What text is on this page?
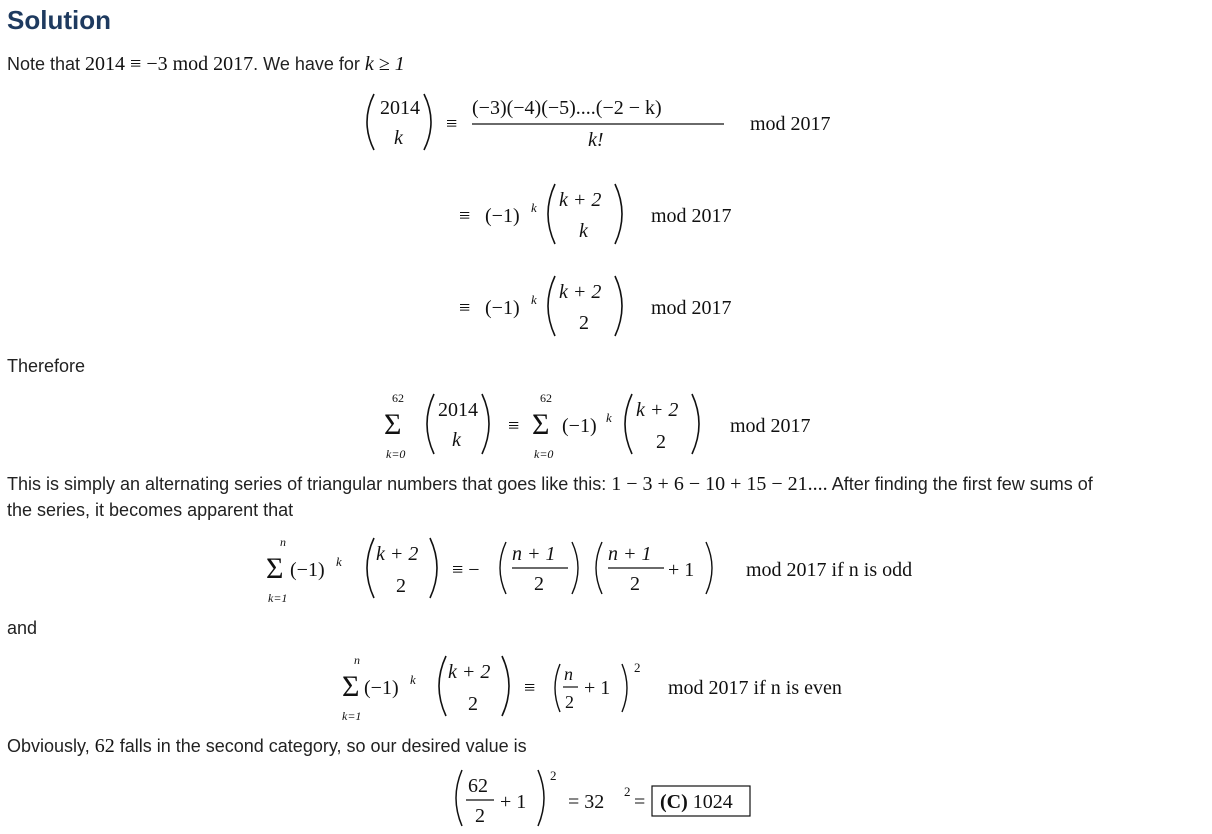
Solution
Note that 2014 ≡ −3 mod 2017. We have for k ≥ 1
2014
k
≡
(−3)(−4)(−5)....(−2 − k)
k!
mod 2017
≡ (−1) k k + 2
k
mod 2017
≡ (−1) k k + 2
2
mod 2017
Therefore
62
Σ
k=0
2014
k
≡
62
Σ
k=0
(−1) k k + 2
2
mod 2017
This is simply an alternating series of triangular numbers that goes like this: 1 − 3 + 6 − 10 + 15 − 21.... After finding the first few sums of
the series, it becomes apparent that
n
Σ
k=1
(−1) k k + 2
2
≡ −
n + 1
2
n + 1
2
+ 1	mod 2017 if n is odd
and
n
Σ
k=1
(−1) k k + 2
2
≡
n
2
+ 1
2
mod 2017 if n is even
Obviously, 62 falls in the second category, so our desired value is
62
2
+ 1
2
= 32 2 = (C) 1024
